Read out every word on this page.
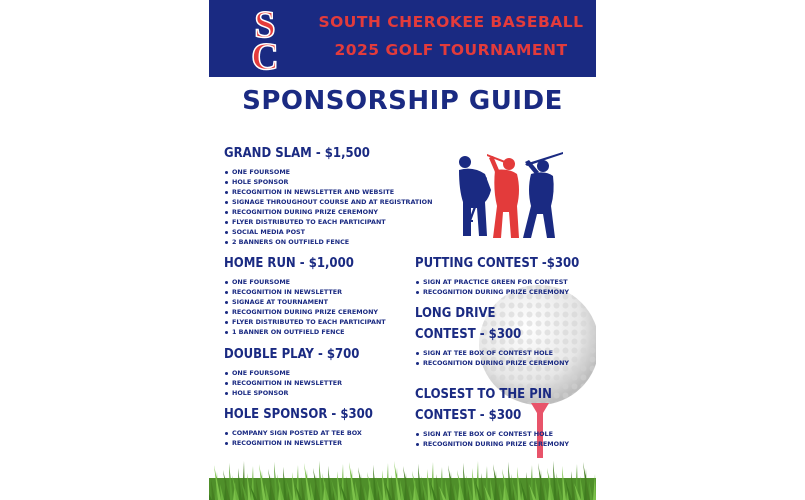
S
C
SOUTH CHEROKEE BASEBALL
2025 GOLF TOURNAMENT
SPONSORSHIP GUIDE
GRAND SLAM - $1,500
ONE FOURSOME
HOLE SPONSOR
RECOGNITION IN NEWSLETTER AND WEBSITE
SIGNAGE THROUGHOUT COURSE AND AT REGISTRATION
RECOGNITION DURING PRIZE CEREMONY
FLYER DISTRIBUTED TO EACH PARTICIPANT
SOCIAL MEDIA POST
2 BANNERS ON OUTFIELD FENCE
HOME RUN - $1,000
ONE FOURSOME
RECOGNITION IN NEWSLETTER
SIGNAGE AT TOURNAMENT
RECOGNITION DURING PRIZE CEREMONY
FLYER DISTRIBUTED TO EACH PARTICIPANT
1 BANNER ON OUTFIELD FENCE
DOUBLE PLAY - $700
ONE FOURSOME
RECOGNITION IN NEWSLETTER
HOLE SPONSOR
HOLE SPONSOR - $300
COMPANY SIGN POSTED AT TEE BOX
RECOGNITION IN NEWSLETTER
PUTTING CONTEST -$300
SIGN AT PRACTICE GREEN FOR CONTEST
RECOGNITION DURING PRIZE CEREMONY
LONG DRIVE
CONTEST - $300
SIGN AT TEE BOX OF CONTEST HOLE
RECOGNITION DURING PRIZE CEREMONY
CLOSEST TO THE PIN
CONTEST - $300
SIGN AT TEE BOX OF CONTEST HOLE
RECOGNITION DURING PRIZE CEREMONY
